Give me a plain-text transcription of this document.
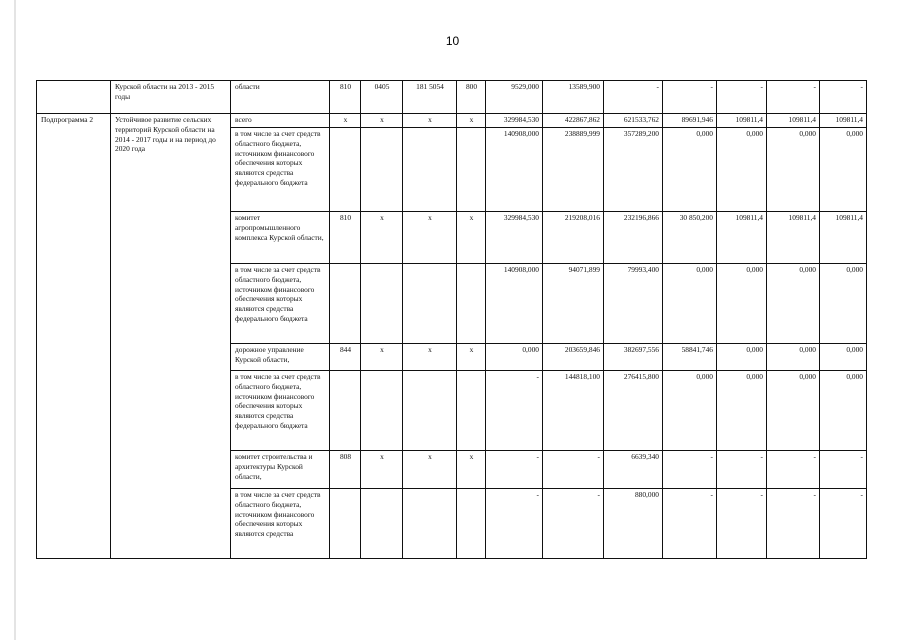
10
	Курской области на 2013 - 2015 годы	области	810	0405	181 5054	800	9529,000	13589,900	-	-	-	-	-
Подпрограмма 2	Устойчивое развитие сельских территорий Курской области на 2014 - 2017 годы и на период до 2020 года	всего	x	x	x	x	329984,530	422867,862	621533,762	89691,946	109811,4	109811,4	109811,4
		в том числе за счет средств областного бюджета, источником финансового обеспечения которых являются средства федерального бюджета					140908,000	238889,999	357289,200	0,000	0,000	0,000	0,000
		комитет агропромышленного комплекса Курской области,	810	x	x	x	329984,530	219208,016	232196,866	30 850,200	109811,4	109811,4	109811,4
		в том числе за счет средств областного бюджета, источником финансового обеспечения которых являются средства федерального бюджета					140908,000	94071,899	79993,400	0,000	0,000	0,000	0,000
		дорожное управление Курской области,	844	x	x	x	0,000	203659,846	382697,556	58841,746	0,000	0,000	0,000
		в том числе за счет средств областного бюджета, источником финансового обеспечения которых являются средства федерального бюджета					-	144818,100	276415,800	0,000	0,000	0,000	0,000
		комитет строительства и архитектуры Курской области,	808	x	x	x	-	-	6639,340	-	-	-	-
		в том числе за счет средств областного бюджета, источником финансового обеспечения которых являются средства					-	-	880,000	-	-	-	-
